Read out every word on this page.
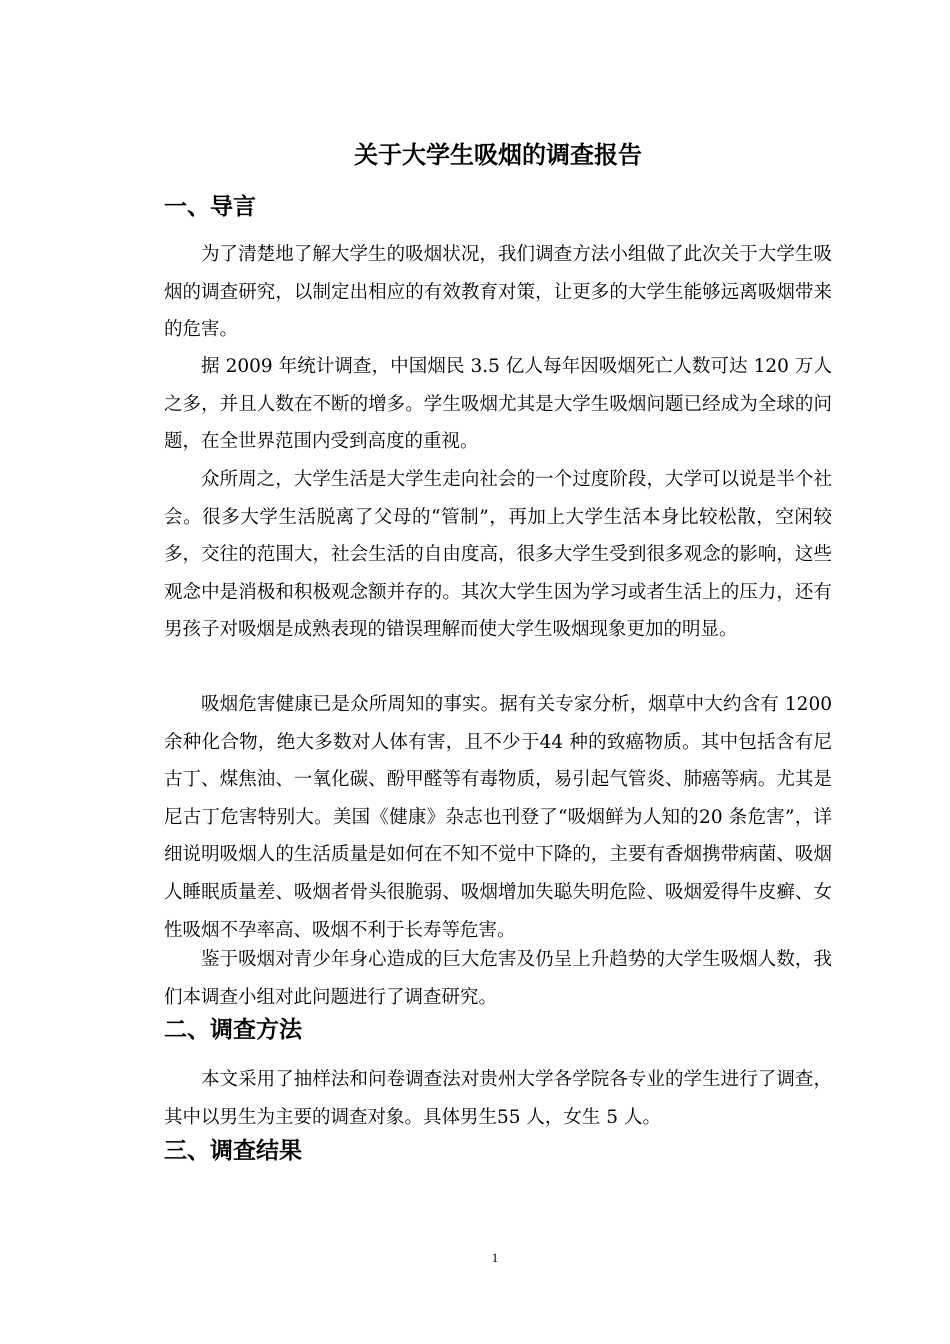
关于大学生吸烟的调查报告
一、导言

为了清楚地了解大学生的吸烟状况，我们调查方法小组做了此次关于大学生吸烟的调查研究，以制定出相应的有效教育对策，让更多的大学生能够远离吸烟带来的危害。

据 2009 年统计调查，中国烟民 3.5 亿人每年因吸烟死亡人数可达 120 万人之多，并且人数在不断的增多。学生吸烟尤其是大学生吸烟问题已经成为全球的问题，在全世界范围内受到高度的重视。

众所周之，大学生活是大学生走向社会的一个过度阶段，大学可以说是半个社会。很多大学生活脱离了父母的“管制”，再加上大学生活本身比较松散，空闲较多，交往的范围大，社会生活的自由度高，很多大学生受到很多观念的影响，这些观念中是消极和积极观念额并存的。其次大学生因为学习或者生活上的压力，还有男孩子对吸烟是成熟表现的错误理解而使大学生吸烟现象更加的明显。

吸烟危害健康已是众所周知的事实。据有关专家分析，烟草中大约含有 1200 余种化合物，绝大多数对人体有害，且不少于44 种的致癌物质。其中包括含有尼古丁、煤焦油、一氧化碳、酚甲醛等有毒物质，易引起气管炎、肺癌等病。尤其是尼古丁危害特别大。美国《健康》杂志也刊登了“吸烟鲜为人知的20 条危害”，详细说明吸烟人的生活质量是如何在不知不觉中下降的，主要有香烟携带病菌、吸烟人睡眠质量差、吸烟者骨头很脆弱、吸烟增加失聪失明危险、吸烟爱得牛皮癣、女性吸烟不孕率高、吸烟不利于长寿等危害。

鉴于吸烟对青少年身心造成的巨大危害及仍呈上升趋势的大学生吸烟人数，我们本调查小组对此问题进行了调查研究。

二、调查方法

本文采用了抽样法和问卷调查法对贵州大学各学院各专业的学生进行了调查，其中以男生为主要的调查对象。具体男生55 人，女生 5 人。

三、调查结果
1
